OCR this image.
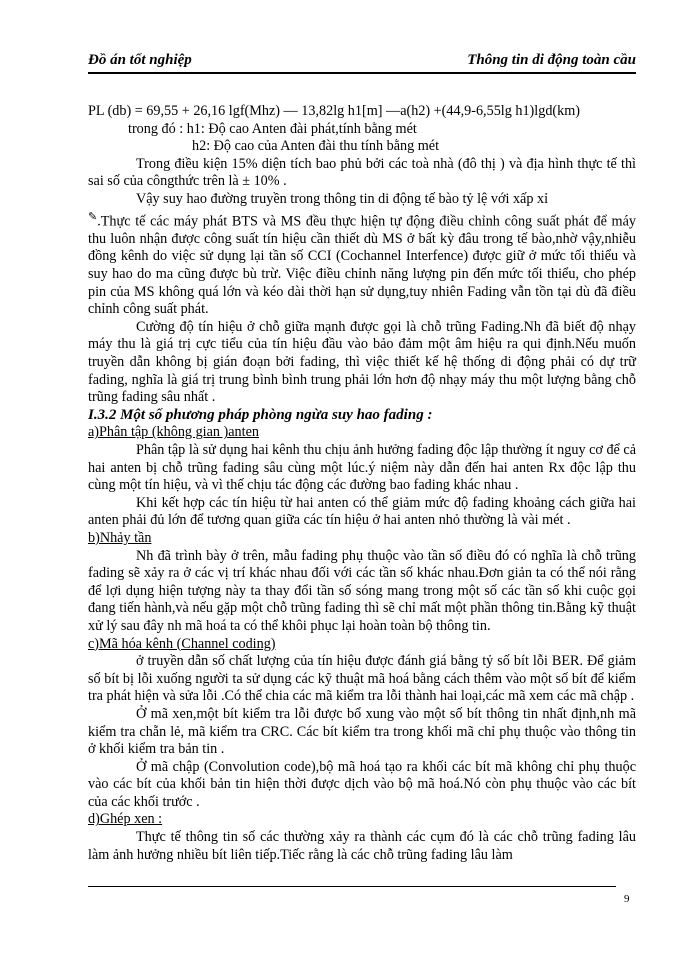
Đồ án tốt nghiệp	Thông tin di động toàn cầu

PL (db) = 69,55 + 26,16 lgf(Mhz) — 13,82lg h1[m] —a(h2) +(44,9-6,55lg h1)lgd(km)

trong đó : h1: Độ cao Anten đài phát,tính bằng mét

h2: Độ cao của Anten đài thu tính bằng mét

Trong điều kiện 15% diện tích bao phủ bởi các toà nhà (đô thị ) và địa hình thực tế thì sai số của côngthức trên là ± 10% .

Vậy suy hao đường truyền trong thông tin di động tế bào tỷ lệ với xấp xỉ

✎.Thực tế các máy phát BTS và MS đều thực hiện tự động điều chỉnh công suất phát để máy thu luôn nhận được công suất tín hiệu cần thiết dù MS ở bất kỳ đâu trong tế bào,nhờ vậy,nhiễu đồng kênh do việc sử dụng lại tần số CCI (Cochannel Interfence) được giữ ở mức tối thiểu và suy hao do ma cũng được bù trừ. Việc điều chỉnh năng lượng pin đến mức tối thiểu, cho phép pin của MS không quá lớn và kéo dài thời hạn sử dụng,tuy nhiên Fading vẫn tồn tại dù đã điều chỉnh công suất phát.

Cường độ tín hiệu ở chỗ giữa mạnh được gọi là chỗ trũng Fading.Nh đã biết độ nhạy máy thu là giá trị cực tiểu của tín hiệu đầu vào bảo đảm một âm hiệu ra qui định.Nếu muốn truyền dẫn không bị gián đoạn bởi fading, thì việc thiết kế hệ thống di động phải có dự trữ fading, nghĩa là giá trị trung bình bình trung phải lớn hơn độ nhạy máy thu một lượng bằng chỗ trũng fading sâu nhất .

I.3.2 Một số phương pháp phòng ngừa suy hao fading :

a)Phân tập (không gian )anten

Phân tập là sử dụng hai kênh thu chịu ảnh hưởng fading độc lập thường ít nguy cơ để cả hai anten bị chỗ trũng fading sâu cùng một lúc.ý niệm này dẫn đến hai anten Rx độc lập thu cùng một tín hiệu, và vì thế chịu tác động các đường bao fading khác nhau .

Khi kết hợp các tín hiệu từ hai anten có thể giảm mức độ fading khoảng cách giữa hai anten phải đủ lớn để tương quan giữa các tín hiệu ở hai anten nhỏ thường là vài mét .

b)Nhảy tần

Nh đã trình bày ở trên, mẫu fading phụ thuộc vào tần số điều đó có nghĩa là chỗ trũng fading sẽ xảy ra ở các vị trí khác nhau đối với các tần số khác nhau.Đơn giản ta có thể nói rằng để lợi dụng hiện tượng này ta thay đổi tần số sóng mang trong một số các tần số khi cuộc gọi đang tiến hành,và nếu gặp một chỗ trũng fading thì sẽ chỉ mất một phần thông tin.Bằng kỹ thuật xử lý sau đây nh mã hoá ta có thể khôi phục lại hoàn toàn bộ thông tin.

c)Mã hóa kênh (Channel coding)

ở truyền dẫn số chất lượng của tín hiệu được đánh giá bằng tỷ số bít lỗi BER. Để giảm số bít bị lỗi xuống người ta sử dụng các kỹ thuật mã hoá bằng cách thêm vào một số bít để kiểm tra phát hiện và sửa lỗi .Có thể chia các mã kiểm tra lỗi thành hai loại,các mã xem các mã chập .

Ở mã xen,một bít kiểm tra lỗi được bổ xung vào một số bít thông tin nhất định,nh mã kiểm tra chẵn lẻ, mã kiểm tra CRC. Các bít kiểm tra trong khối mã chỉ phụ thuộc vào thông tin ở khối kiểm tra bản tin .

Ở mã chập (Convolution code),bộ mã hoá tạo ra khối các bít mã không chỉ phụ thuộc vào các bít của khối bản tin hiện thời được dịch vào bộ mã hoá.Nó còn phụ thuộc vào các bít của các khối trước .

d)Ghép xen :

Thực tế thông tin số các thường xảy ra thành các cụm đó là các chỗ trũng fading lâu làm ảnh hưởng nhiều bít liên tiếp.Tiếc rằng là các chỗ trũng fading lâu làm

9
